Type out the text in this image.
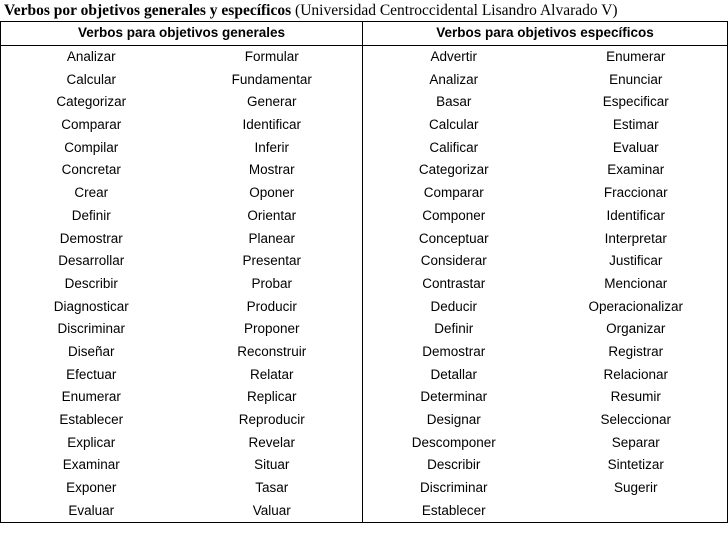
Verbos por objetivos generales y específicos (Universidad Centroccidental Lisandro Alvarado V)
Verbos para objetivos generales		Verbos para objetivos específicos	
Analizar	Formular	Advertir	Enumerar
Calcular	Fundamentar	Analizar	Enunciar
Categorizar	Generar	Basar	Especificar
Comparar	Identificar	Calcular	Estimar
Compilar	Inferir	Calificar	Evaluar
Concretar	Mostrar	Categorizar	Examinar
Crear	Oponer	Comparar	Fraccionar
Definir	Orientar	Componer	Identificar
Demostrar	Planear	Conceptuar	Interpretar
Desarrollar	Presentar	Considerar	Justificar
Describir	Probar	Contrastar	Mencionar
Diagnosticar	Producir	Deducir	Operacionalizar
Discriminar	Proponer	Definir	Organizar
Diseñar	Reconstruir	Demostrar	Registrar
Efectuar	Relatar	Detallar	Relacionar
Enumerar	Replicar	Determinar	Resumir
Establecer	Reproducir	Designar	Seleccionar
Explicar	Revelar	Descomponer	Separar
Examinar	Situar	Describir	Sintetizar
Exponer	Tasar	Discriminar	Sugerir
Evaluar	Valuar	Establecer	
